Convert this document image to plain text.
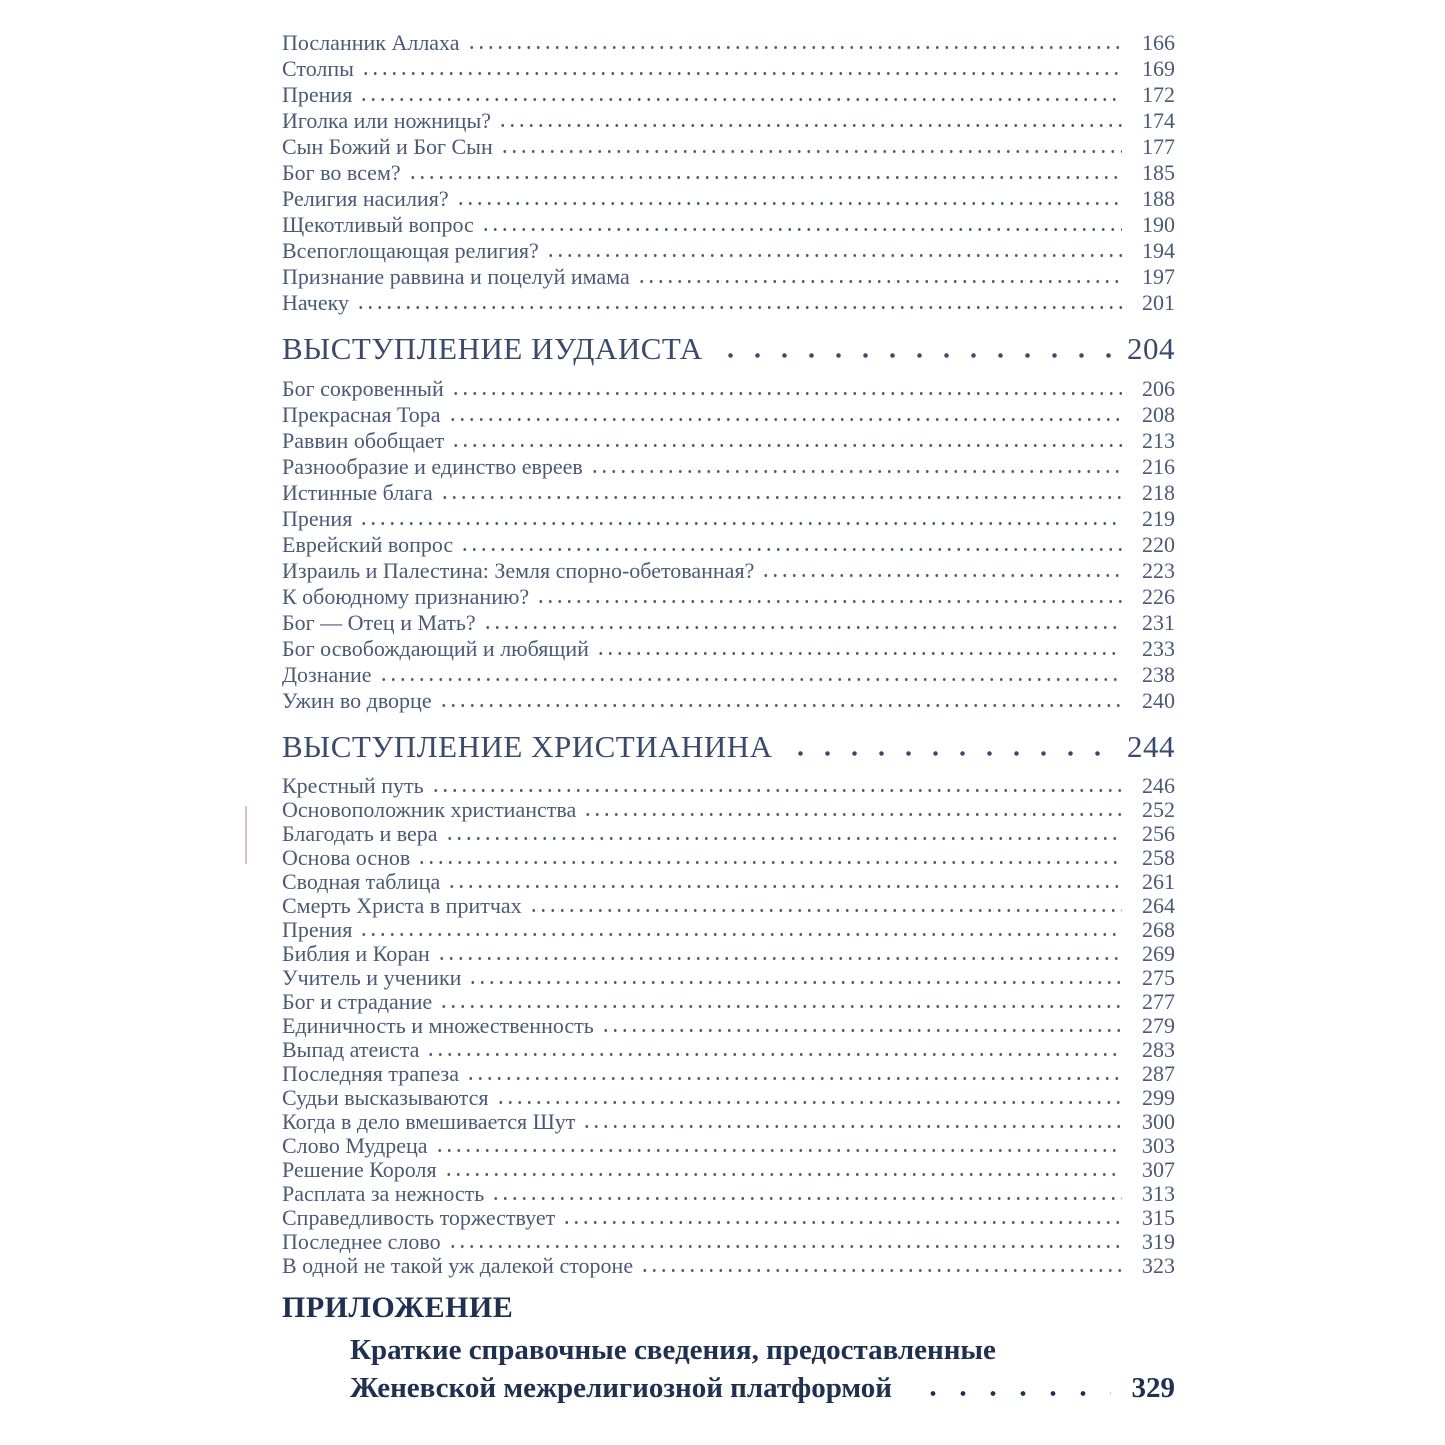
Посланник Аллаха	166
Столпы	169
Прения	172
Иголка или ножницы?	174
Сын Божий и Бог Сын	177
Бог во всем?	185
Религия насилия?	188
Щекотливый вопрос	190
Всепоглощающая религия?	194
Признание раввина и поцелуй имама	197
Начеку	201
ВЫСТУПЛЕНИЕ ИУДАИСТА	204
Бог сокровенный	206
Прекрасная Тора	208
Раввин обобщает	213
Разнообразие и единство евреев	216
Истинные блага	218
Прения	219
Еврейский вопрос	220
Израиль и Палестина: Земля спорно-обетованная?	223
К обоюдному признанию?	226
Бог — Отец и Мать?	231
Бог освобождающий и любящий	233
Дознание	238
Ужин во дворце	240
ВЫСТУПЛЕНИЕ ХРИСТИАНИНА	244
Крестный путь	246
Основоположник христианства	252
Благодать и вера	256
Основа основ	258
Сводная таблица	261
Смерть Христа в притчах	264
Прения	268
Библия и Коран	269
Учитель и ученики	275
Бог и страдание	277
Единичность и множественность	279
Выпад атеиста	283
Последняя трапеза	287
Судьи высказываются	299
Когда в дело вмешивается Шут	300
Слово Мудреца	303
Решение Короля	307
Расплата за нежность	313
Справедливость торжествует	315
Последнее слово	319
В одной не такой уж далекой стороне	323
ПРИЛОЖЕНИЕ
Краткие справочные сведения, предоставленные
Женевской межрелигиозной платформой	329
